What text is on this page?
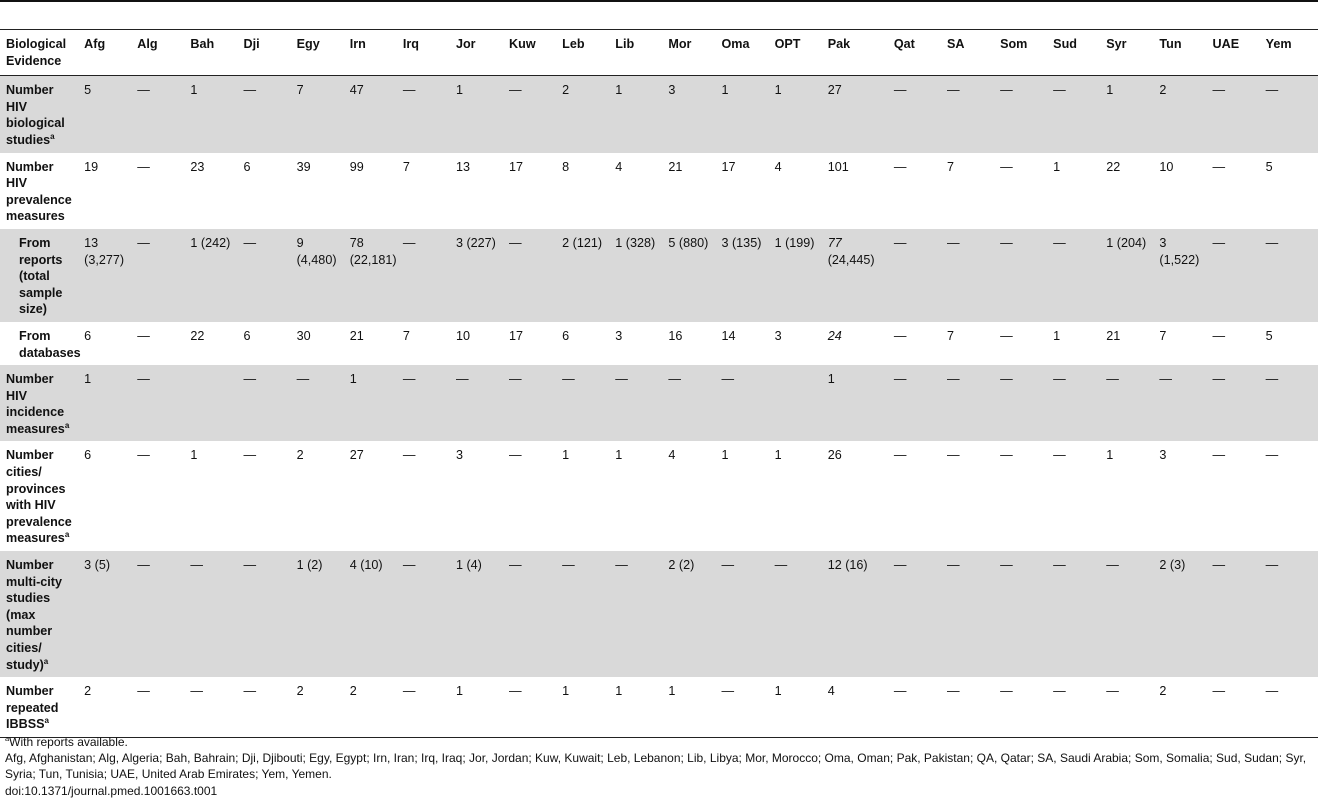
Biological Evidence	Afg	Alg	Bah	Dji	Egy	Irn	Irq	Jor	Kuw	Leb	Lib	Mor	Oma	OPT	Pak	Qat	SA	Som	Sud	Syr	Tun	UAE	Yem
Number HIV biological studies$^a$	5	—	1	—	7	47	—	1	—	2	1	3	1	1	27	—	—	—	—	1	2	—	—
Number HIV prevalence measures	19	—	23	6	39	99	7	13	17	8	4	21	17	4	101	—	7	—	1	22	10	—	5
From reports (total sample size)	13 (3,277)	—	1 (242)	—	9 (4,480)	78 (22,181)	—	3 (227)	—	2 (121)	1 (328)	5 (880)	3 (135)	1 (199)	77 (24,445)	—	—	—	—	1 (204)	3 (1,522)	—	—
From databases	6	—	22	6	30	21	7	10	17	6	3	16	14	3	24	—	7	—	1	21	7	—	5
Number HIV incidence measures$^a$	1	—		—	—	1	—	—	—	—	—	—	—		1	—	—	—	—	—	—	—	—
Number cities/ provinces with HIV prevalence measures$^a$	6	—	1	—	2	27	—	3	—	1	1	4	1	1	26	—	—	—	—	1	3	—	—
Number multi-city studies (max number cities/ study)$^a$	3 (5)	—	—	—	1 (2)	4 (10)	—	1 (4)	—	—	—	2 (2)	—	—	12 (16)	—	—	—	—	—	2 (3)	—	—
Number repeated IBBSS$^a$	2	—	—	—	2	2	—	1	—	1	1	1	—	1	4	—	—	—	—	—	2	—	—
$^a$With reports available.
Afg, Afghanistan; Alg, Algeria; Bah, Bahrain; Dji, Djibouti; Egy, Egypt; Irn, Iran; Irq, Iraq; Jor, Jordan; Kuw, Kuwait; Leb, Lebanon; Lib, Libya; Mor, Morocco; Oma, Oman; Pak, Pakistan; QA, Qatar; SA, Saudi Arabia; Som, Somalia; Sud, Sudan; Syr, Syria; Tun, Tunisia; UAE, United Arab Emirates; Yem, Yemen.
doi:10.1371/journal.pmed.1001663.t001
